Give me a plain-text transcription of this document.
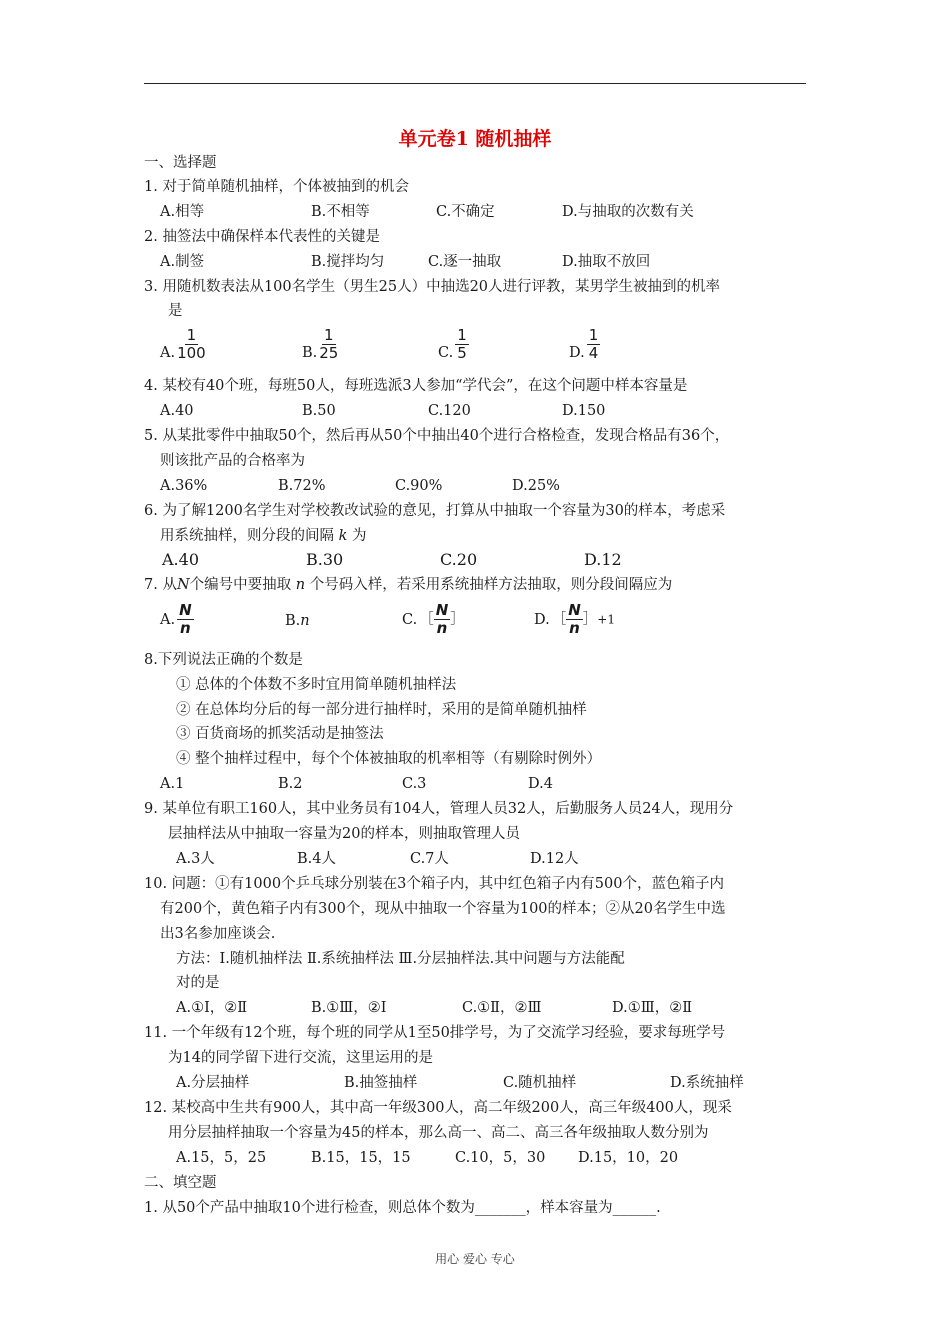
单元卷1 随机抽样
一、选择题
1. 对于简单随机抽样，个体被抽到的机会
A.相等	B.不相等	C.不确定	D.与抽取的次数有关
2. 抽签法中确保样本代表性的关键是
A.制签	B.搅拌均匀	C.逐一抽取	D.抽取不放回
3. 用随机数表法从100名学生（男生25人）中抽选20人进行评教，某男学生被抽到的机率
是
A. $\frac{1}{100}$	B. $\frac{1}{25}$	C. $\frac{1}{5}$	D. $\frac{1}{4}$
4. 某校有40个班，每班50人，每班选派3人参加“学代会”，在这个问题中样本容量是
A.40	B.50	C.120	D.150
5. 从某批零件中抽取50个，然后再从50个中抽出40个进行合格检查，发现合格品有36个，
则该批产品的合格率为
A.36%	B.72%	C.90%	D.25%
6. 为了解1200名学生对学校教改试验的意见，打算从中抽取一个容量为30的样本，考虑采
用系统抽样，则分段的间隔 k 为
A.40	B.30	C.20	D.12
7. 从N个编号中要抽取 n 个号码入样，若采用系统抽样方法抽取，则分段间隔应为
A. $\frac{N}{n}$	B.n	C. ［ $\frac{N}{n}$ ］	D. ［ $\frac{N}{n}$ ］+1
8.下列说法正确的个数是
① 总体的个体数不多时宜用简单随机抽样法
② 在总体均分后的每一部分进行抽样时，采用的是简单随机抽样
③ 百货商场的抓奖活动是抽签法
④ 整个抽样过程中，每个个体被抽取的机率相等（有剔除时例外）
A.1	B.2	C.3	D.4
9. 某单位有职工160人，其中业务员有104人，管理人员32人，后勤服务人员24人，现用分
层抽样法从中抽取一容量为20的样本，则抽取管理人员
A.3人	B.4人	C.7人	D.12人
10. 问题：①有1000个乒乓球分别装在3个箱子内，其中红色箱子内有500个，蓝色箱子内
有200个，黄色箱子内有300个，现从中抽取一个容量为100的样本；②从20名学生中选
出3名参加座谈会.
方法：Ⅰ.随机抽样法 Ⅱ.系统抽样法 Ⅲ.分层抽样法.其中问题与方法能配
对的是
A.①Ⅰ，②Ⅱ	B.①Ⅲ，②Ⅰ	C.①Ⅱ，②Ⅲ	D.①Ⅲ，②Ⅱ
11. 一个年级有12个班，每个班的同学从1至50排学号，为了交流学习经验，要求每班学号
为14的同学留下进行交流，这里运用的是
A.分层抽样	B.抽签抽样	C.随机抽样	D.系统抽样
12. 某校高中生共有900人，其中高一年级300人，高二年级200人，高三年级400人，现采
用分层抽样抽取一个容量为45的样本，那么高一、高二、高三各年级抽取人数分别为
A.15，5，25	B.15，15，15	C.10，5，30 D.15，10，20
二、填空题
1. 从50个产品中抽取10个进行检查，则总体个数为_______，样本容量为______.
用心 爱心 专心
